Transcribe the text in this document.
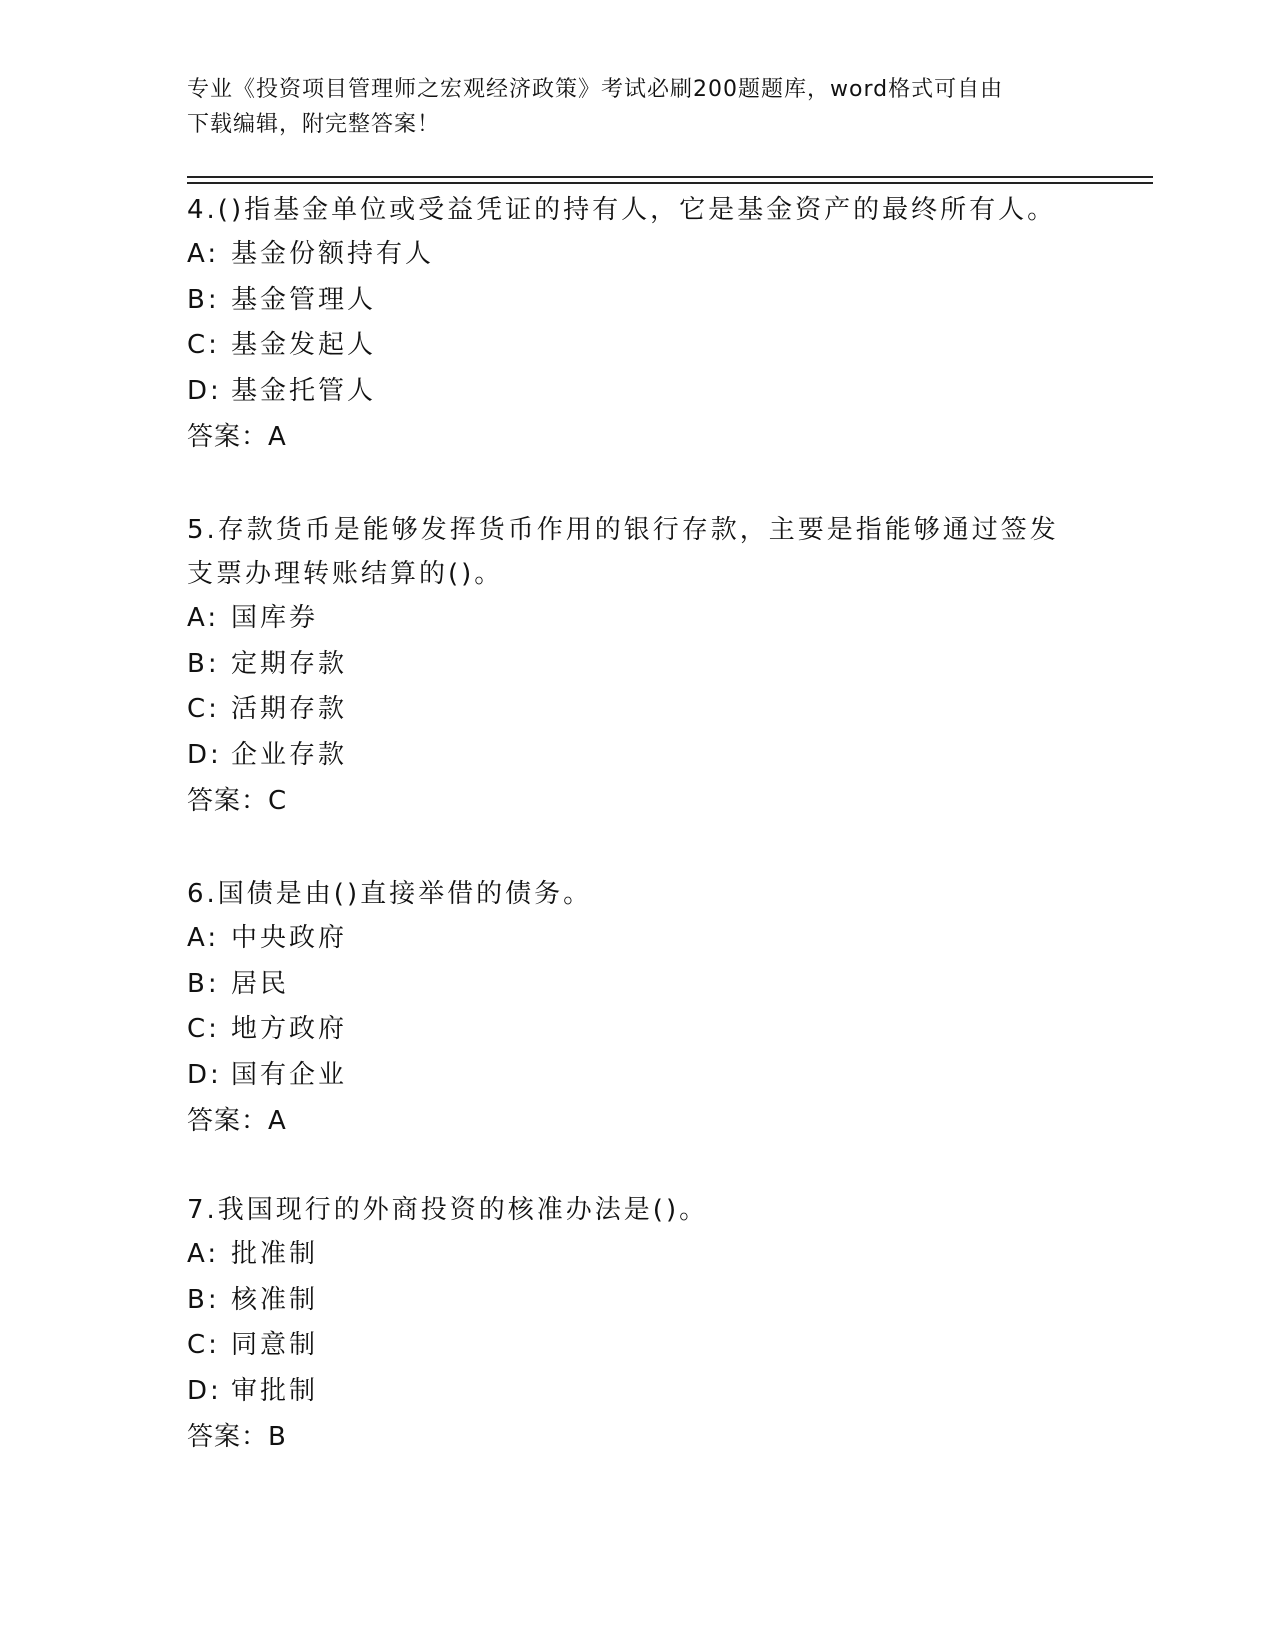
专业《投资项目管理师之宏观经济政策》考试必刷200题题库，word格式可自由
下载编辑，附完整答案！
4.()指基金单位或受益凭证的持有人，它是基金资产的最终所有人。
A: 基金份额持有人
B: 基金管理人
C: 基金发起人
D: 基金托管人
答案：A
5.存款货币是能够发挥货币作用的银行存款，主要是指能够通过签发
支票办理转账结算的()。
A: 国库券
B: 定期存款
C: 活期存款
D: 企业存款
答案：C
6.国债是由()直接举借的债务。
A: 中央政府
B: 居民
C: 地方政府
D: 国有企业
答案：A
7.我国现行的外商投资的核准办法是()。
A: 批准制
B: 核准制
C: 同意制
D: 审批制
答案：B
